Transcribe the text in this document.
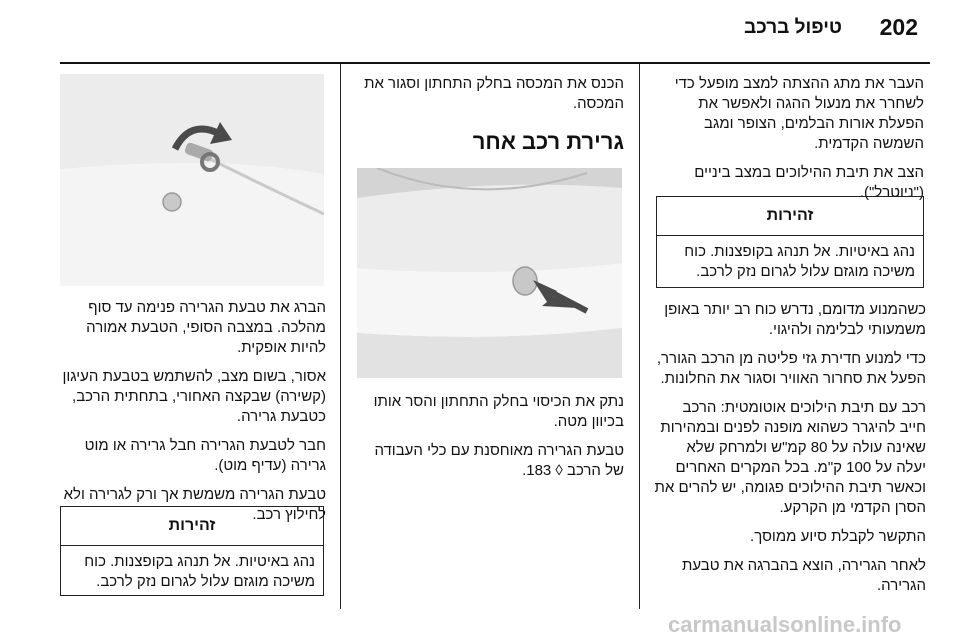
טיפול ברכב 202

העבר את מתג ההצתה למצב מופעל כדי לשחרר את מנעול ההגה ולאפשר את הפעלת אורות הבלמים, הצופר ומגב השמשה הקדמית.

הצב את תיבת ההילוכים במצב ביניים ("ניוטרל").

זהירות
נהג באיטיות. אל תנהג בקופצנות. כוח משיכה מוגזם עלול לגרום נזק לרכב.

כשהמנוע מדומם, נדרש כוח רב יותר באופן משמעותי לבלימה ולהיגוי.

כדי למנוע חדירת גזי פליטה מן הרכב הגורר, הפעל את סחרור האוויר וסגור את החלונות.

רכב עם תיבת הילוכים אוטומטית: הרכב חייב להיגרר כשהוא מופנה לפנים ובמהירות שאינה עולה על 80 קמ"ש ולמרחק שלא יעלה על 100 ק"מ. בכל המקרים האחרים וכאשר תיבת ההילוכים פגומה, יש להרים את הסרן הקדמי מן הקרקע.

התקשר לקבלת סיוע ממוסך.

לאחר הגרירה, הוצא בהברגה את טבעת הגרירה.

הכנס את המכסה בחלק התחתון וסגור את המכסה.

גרירת רכב אחר

נתק את הכיסוי בחלק התחתון והסר אותו בכיוון מטה.

טבעת הגרירה מאוחסנת עם כלי העבודה של הרכב ◊ 183.

הברג את טבעת הגרירה פנימה עד סוף מהלכה. במצבה הסופי, הטבעת אמורה להיות אופקית.

אסור, בשום מצב, להשתמש בטבעת העיגון (קשירה) שבקצה האחורי, בתחתית הרכב, כטבעת גרירה.

חבר לטבעת הגרירה חבל גרירה או מוט גרירה (עדיף מוט).

טבעת הגרירה משמשת אך ורק לגרירה ולא לחילוץ רכב.

זהירות
נהג באיטיות. אל תנהג בקופצנות. כוח משיכה מוגזם עלול לגרום נזק לרכב.
carmanualsonline.info
